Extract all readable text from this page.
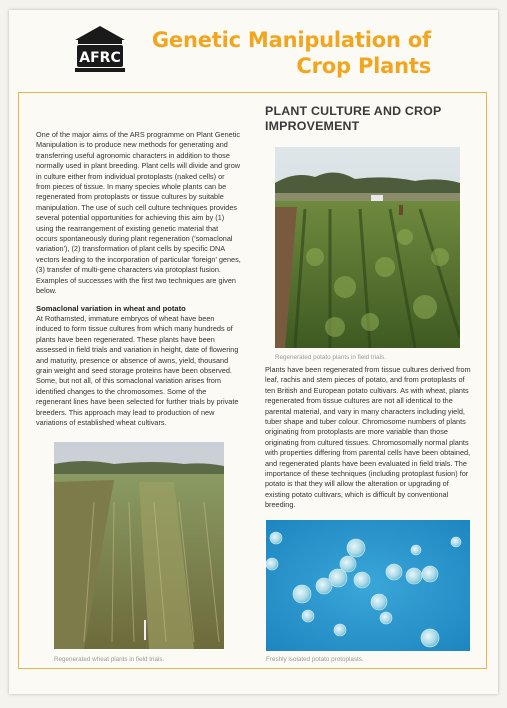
AFRC
Genetic Manipulation of
Crop Plants

One of the major aims of the ARS programme on Plant Genetic Manipulation is to produce new methods for generating and transferring useful agronomic characters in addition to those normally used in plant breeding. Plant cells will divide and grow in culture either from individual protoplasts (naked cells) or from pieces of tissue. In many species whole plants can be regenerated from protoplasts or tissue cultures by suitable manipulation. The use of such cell culture techniques provides several potential opportunities for achieving this aim by (1) using the rearrangement of existing genetic material that occurs spontaneously during plant regeneration ('somaclonal variation'), (2) transformation of plant cells by specific DNA vectors leading to the incorporation of particular 'foreign' genes, (3) transfer of multi-gene characters via protoplast fusion. Examples of successes with the first two techniques are given below.

Somaclonal variation in wheat and potato

At Rothamsted, immature embryos of wheat have been induced to form tissue cultures from which many hundreds of plants have been regenerated. These plants have been assessed in field trials and variation in height, date of flowering and maturity, presence or absence of awns, yield, thousand grain weight and seed storage proteins have been observed. Some, but not all, of this somaclonal variation arises from identified changes to the chromosomes. Some of the regenerant lines have been selected for further trials by private breeders. This approach may lead to production of new variations of established wheat cultivars.

PLANT CULTURE AND CROP IMPROVEMENT
Regenerated potato plants in field trials.

Plants have been regenerated from tissue cultures derived from leaf, rachis and stem pieces of potato, and from protoplasts of ten British and European potato cultivars. As with wheat, plants regenerated from tissue cultures are not all identical to the parental material, and vary in many characters including yield, tuber shape and tuber colour. Chromosome numbers of plants originating from protoplasts are more variable than those originating from cultured tissues. Chromosomally normal plants with properties differing from parental cells have been obtained, and regenerated plants have been evaluated in field trials. The importance of these techniques (including protoplast fusion) for potato is that they will allow the alteration or upgrading of existing potato cultivars, which is difficult by conventional breeding.

Regenerated wheat plants in field trials.	Freshly isolated potato protoplasts.
